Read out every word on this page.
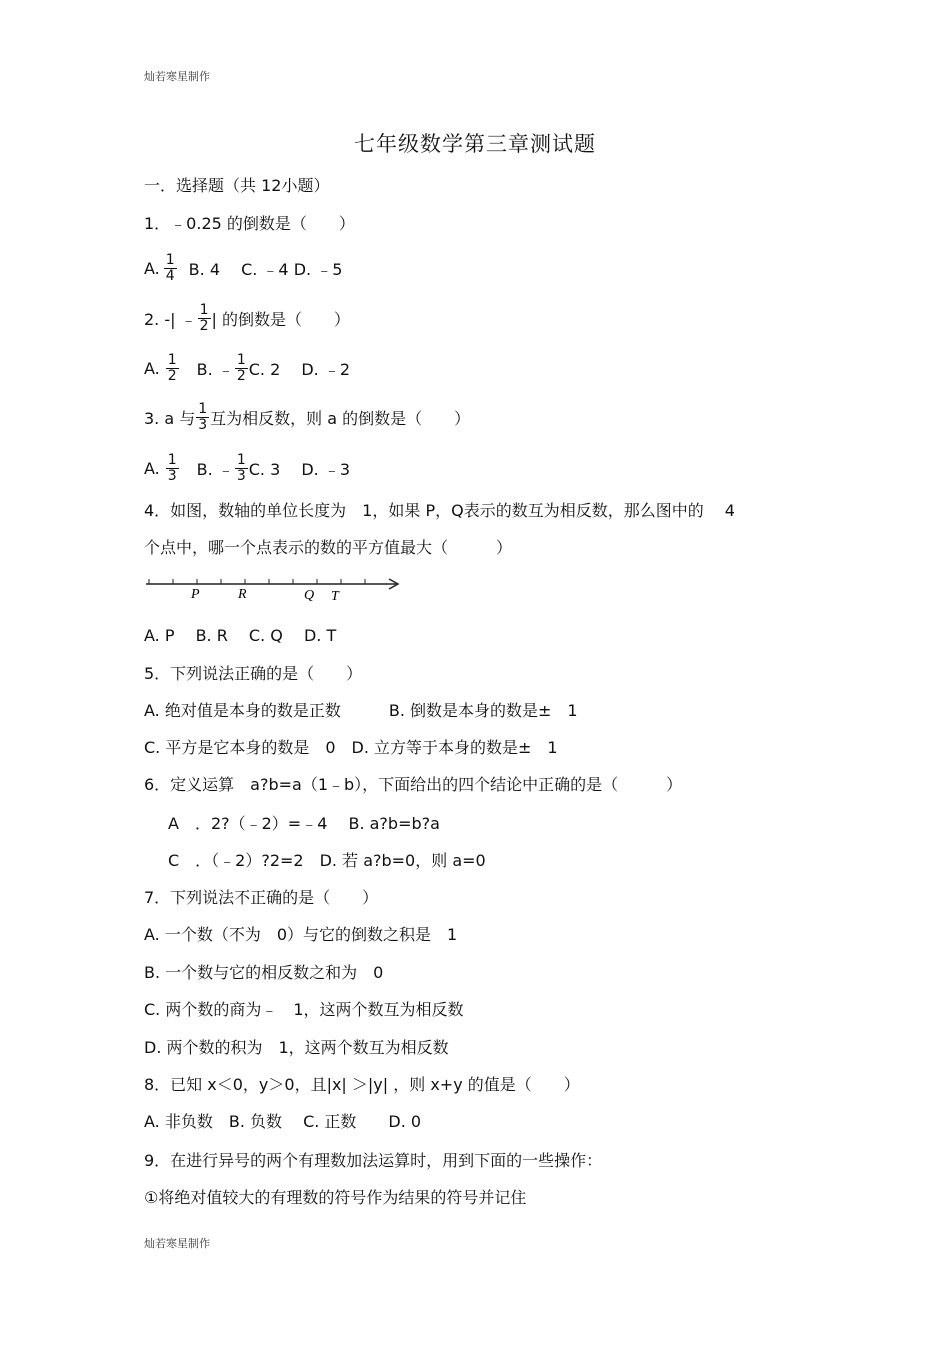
灿若寒星制作
七年级数学第三章测试题
一．选择题（共 12小题）
1．﹣0.25 的倒数是（　　）
A. $\frac{1}{4} B$. 4　 C. ﹣4 D. ﹣5
2. -| ﹣ $\frac{1}{2}$ | 的倒数是（　　）
A. $\frac{1}{2} B$. ﹣ $\frac{1}{2} C$. 2　 D. ﹣2
3. a 与 $\frac{1}{3}$ 互为相反数，则 a 的倒数是（　　）
A. $\frac{1}{3} B$. ﹣ $\frac{1}{3} C$. 3　 D. ﹣3
4．如图，数轴的单位长度为　1，如果 P，Q表示的数互为相反数，那么图中的　 4
个点中，哪一个点表示的数的平方值最大（　　　）
P	R	Q T
A. P　 B. R　 C. Q　 D. T
5．下列说法正确的是（　　）
A. 绝对值是本身的数是正数　　　B. 倒数是本身的数是±　1
C. 平方是它本身的数是　0　D. 立方等于本身的数是±　1
6．定义运算　a?b=a（1﹣b），下面给出的四个结论中正确的是（　　　）
A　．2?（﹣2）=﹣4　 B. a?b=b?a
C　．（﹣2）?2=2　D. 若 a?b=0，则 a=0
7．下列说法不正确的是（　　）
A. 一个数（不为　0）与它的倒数之积是　1
B. 一个数与它的相反数之和为　0
C. 两个数的商为﹣　1，这两个数互为相反数
D. 两个数的积为　1，这两个数互为相反数
8．已知 x＜0，y＞0，且|x| ＞|y| ，则 x+y 的值是（　　）
A. 非负数　B. 负数　 C. 正数　　D. 0
9．在进行异号的两个有理数加法运算时，用到下面的一些操作：
①将绝对值较大的有理数的符号作为结果的符号并记住
灿若寒星制作
